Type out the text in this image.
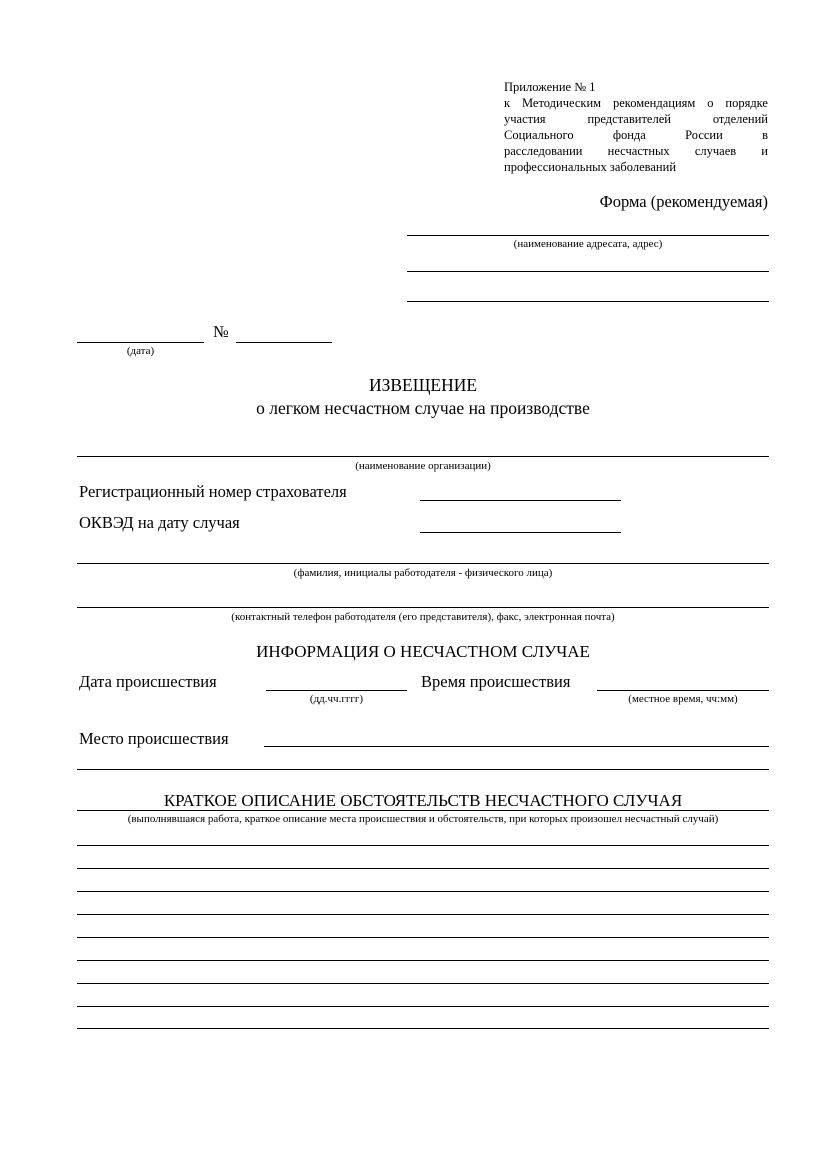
Приложение № 1
к Методическим рекомендациям о порядке
участия представителей отделений
Социального фонда России в
расследовании несчастных случаев и
профессиональных заболеваний
Форма (рекомендуемая)
(наименование адресата, адрес)
(дата)
№
ИЗВЕЩЕНИЕ
о легком несчастном случае на производстве
(наименование организации)
Регистрационный номер страхователя
ОКВЭД на дату случая
(фамилия, инициалы работодателя - физического лица)
(контактный телефон работодателя (его представителя), факс, электронная почта)
ИНФОРМАЦИЯ О НЕСЧАСТНОМ СЛУЧАЕ
Дата происшествия
(дд.чч.гггг)
Время происшествия
(местное время, чч:мм)
Место происшествия
КРАТКОЕ ОПИСАНИЕ ОБСТОЯТЕЛЬСТВ НЕСЧАСТНОГО СЛУЧАЯ
(выполнявшаяся работа, краткое описание места происшествия и обстоятельств, при которых произошел несчастный случай)
